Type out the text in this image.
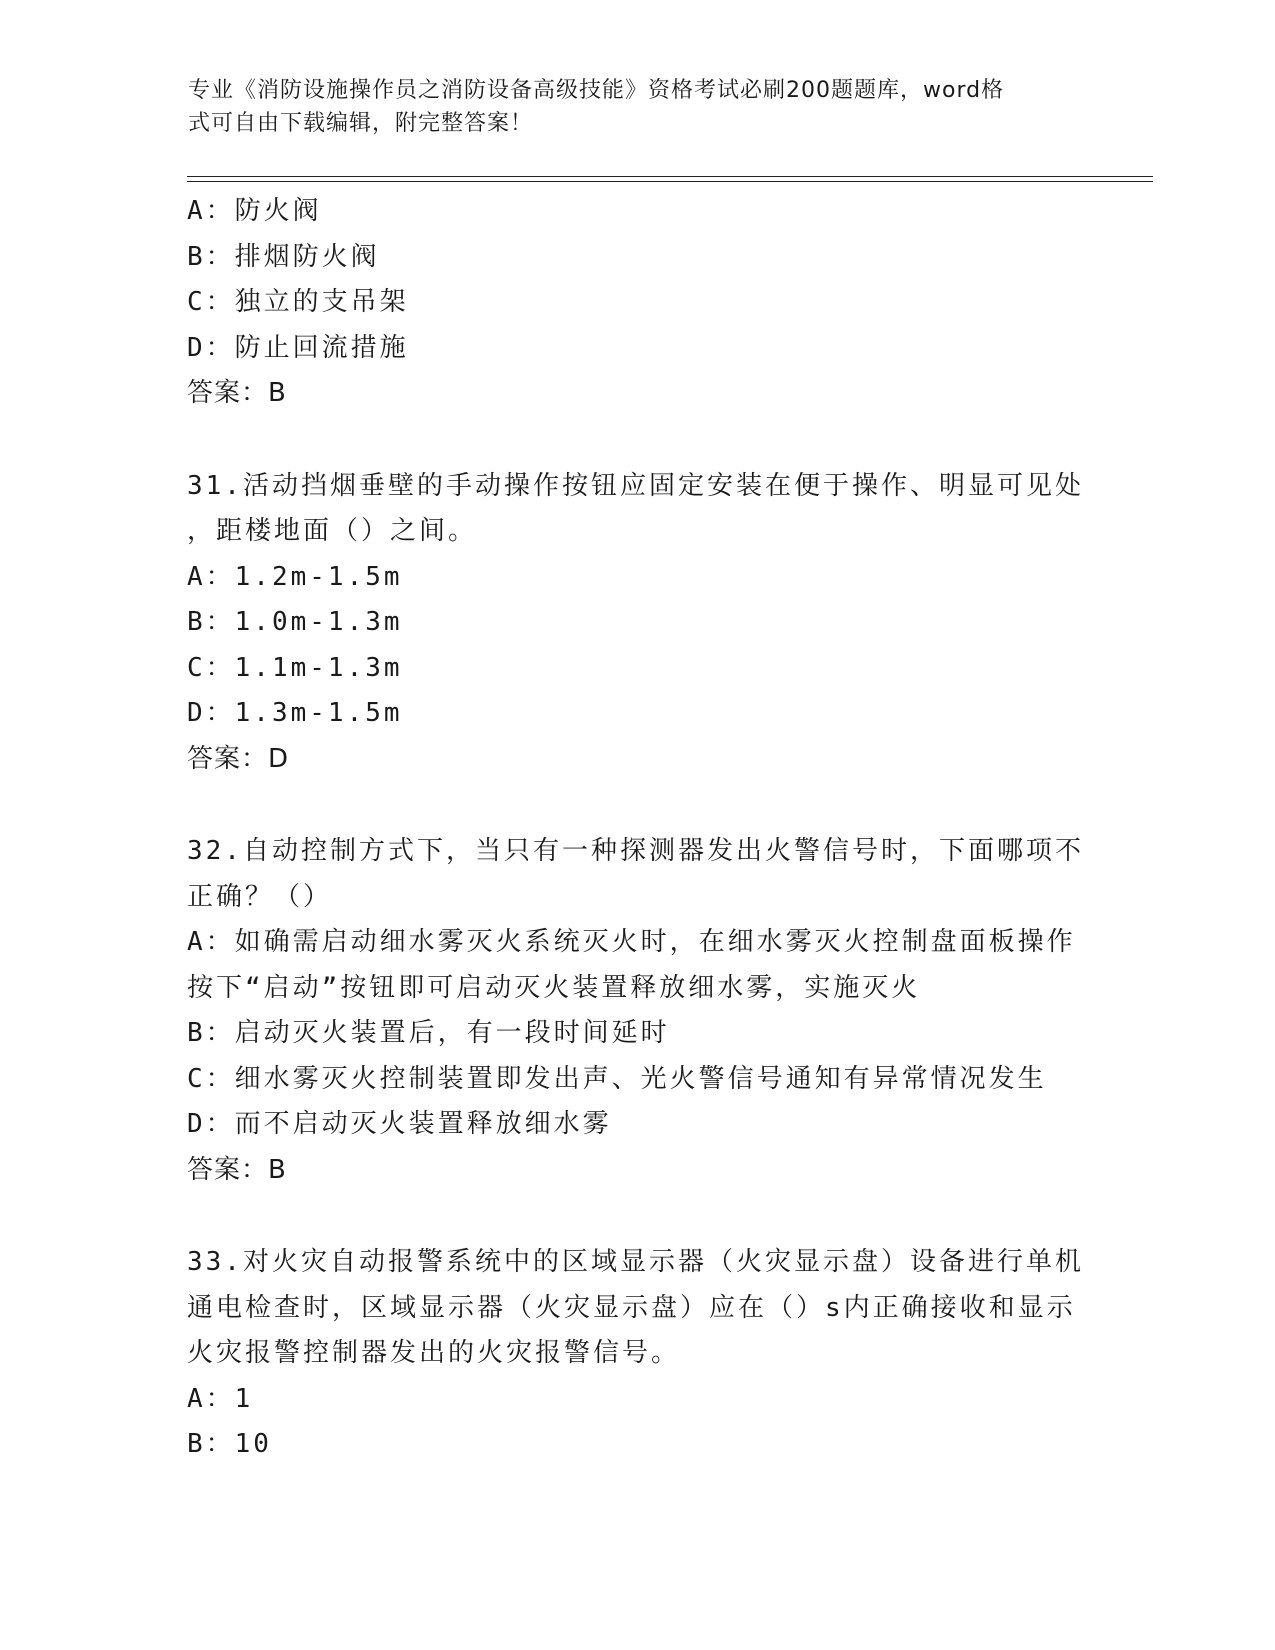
专业《消防设施操作员之消防设备高级技能》资格考试必刷200题题库，word格
式可自由下载编辑，附完整答案！
A：防火阀
B：排烟防火阀
C：独立的支吊架
D：防止回流措施
答案：B
31.活动挡烟垂壁的手动操作按钮应固定安装在便于操作、明显可见处
，距楼地面（）之间。
A：1.2m-1.5m
B：1.0m-1.3m
C：1.1m-1.3m
D：1.3m-1.5m
答案：D
32.自动控制方式下，当只有一种探测器发出火警信号时，下面哪项不
正确？（）
A：如确需启动细水雾灭火系统灭火时，在细水雾灭火控制盘面板操作
按下“启动”按钮即可启动灭火装置释放细水雾，实施灭火
B：启动灭火装置后，有一段时间延时
C：细水雾灭火控制装置即发出声、光火警信号通知有异常情况发生
D：而不启动灭火装置释放细水雾
答案：B
33.对火灾自动报警系统中的区域显示器（火灾显示盘）设备进行单机
通电检查时，区域显示器（火灾显示盘）应在（）s内正确接收和显示
火灾报警控制器发出的火灾报警信号。
A：1
B：10
